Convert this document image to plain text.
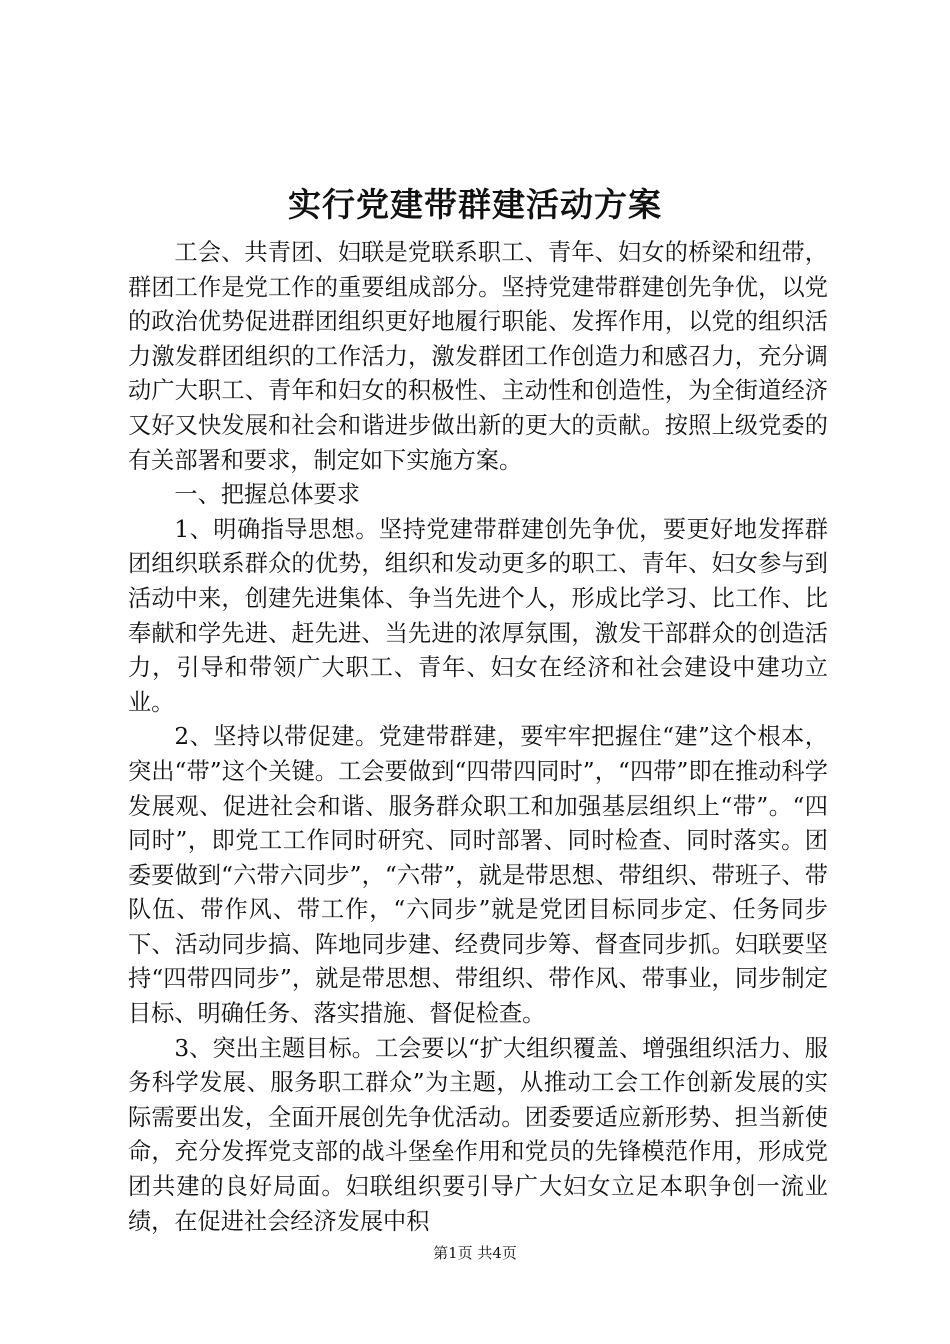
实行党建带群建活动方案

工会、共青团、妇联是党联系职工、青年、妇女的桥梁和纽带，群团工作是党工作的重要组成部分。坚持党建带群建创先争优，以党的政治优势促进群团组织更好地履行职能、发挥作用，以党的组织活力激发群团组织的工作活力，激发群团工作创造力和感召力，充分调动广大职工、青年和妇女的积极性、主动性和创造性，为全街道经济又好又快发展和社会和谐进步做出新的更大的贡献。按照上级党委的有关部署和要求，制定如下实施方案。

一、把握总体要求

1、明确指导思想。坚持党建带群建创先争优，要更好地发挥群团组织联系群众的优势，组织和发动更多的职工、青年、妇女参与到活动中来，创建先进集体、争当先进个人，形成比学习、比工作、比奉献和学先进、赶先进、当先进的浓厚氛围，激发干部群众的创造活力，引导和带领广大职工、青年、妇女在经济和社会建设中建功立业。

2、坚持以带促建。党建带群建，要牢牢把握住“建”这个根本，突出“带”这个关键。工会要做到“四带四同时”，“四带”即在推动科学发展观、促进社会和谐、服务群众职工和加强基层组织上“带”。“四同时”，即党工工作同时研究、同时部署、同时检查、同时落实。团委要做到“六带六同步”，“六带”，就是带思想、带组织、带班子、带队伍、带作风、带工作，“六同步”就是党团目标同步定、任务同步下、活动同步搞、阵地同步建、经费同步筹、督查同步抓。妇联要坚持“四带四同步”，就是带思想、带组织、带作风、带事业，同步制定目标、明确任务、落实措施、督促检查。

3、突出主题目标。工会要以“扩大组织覆盖、增强组织活力、服务科学发展、服务职工群众”为主题，从推动工会工作创新发展的实际需要出发，全面开展创先争优活动。团委要适应新形势、担当新使命，充分发挥党支部的战斗堡垒作用和党员的先锋模范作用，形成党团共建的良好局面。妇联组织要引导广大妇女立足本职争创一流业绩，在促进社会经济发展中积

第1页 共4页
